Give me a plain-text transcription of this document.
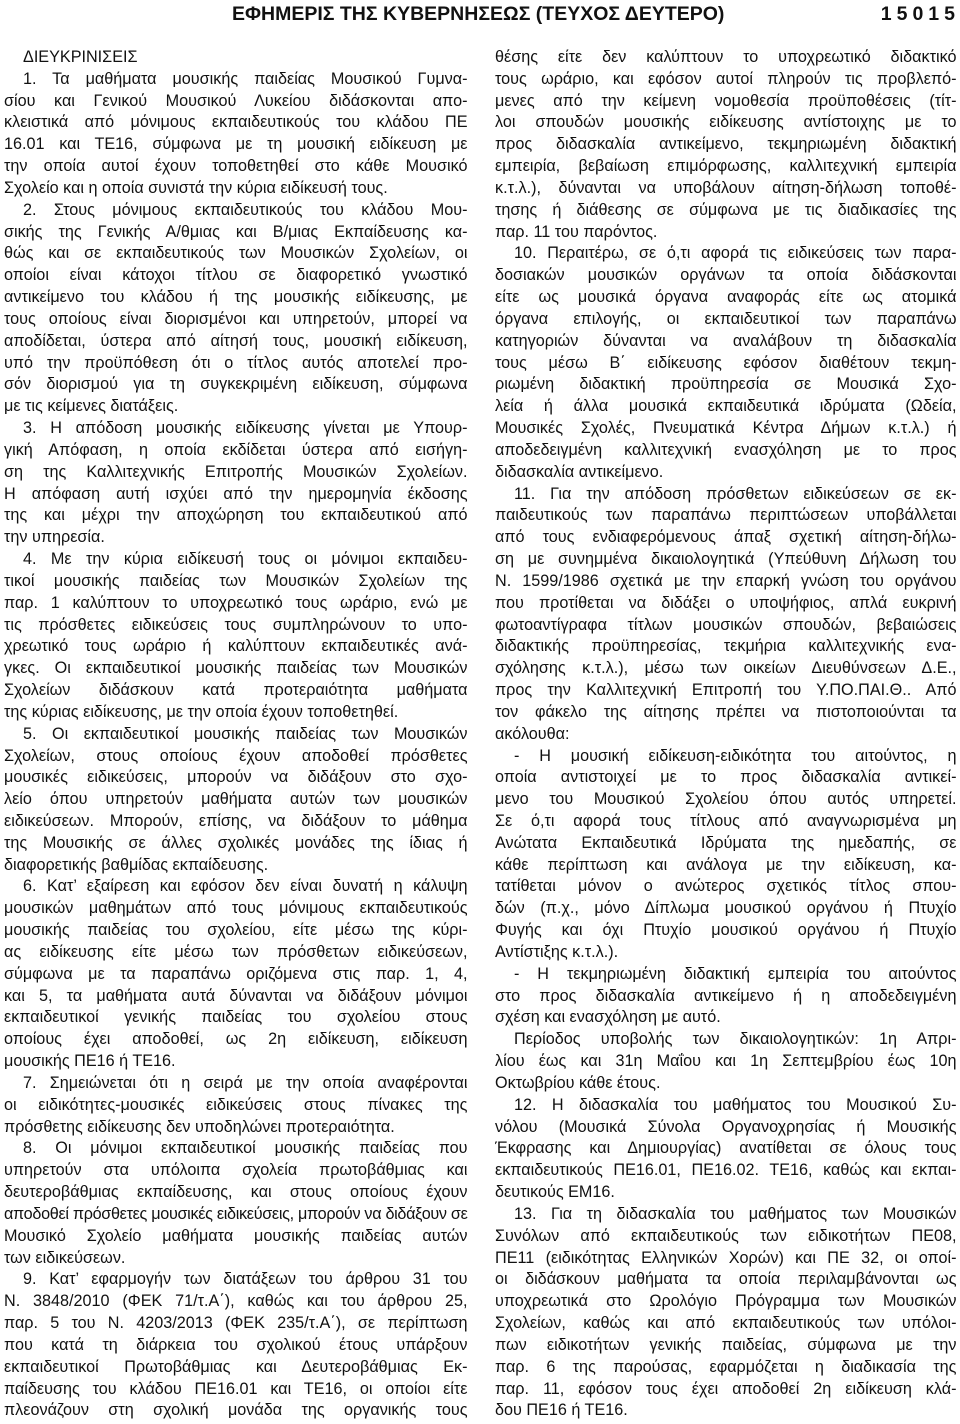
ΕΦΗΜΕΡΙΣ ΤΗΣ ΚΥΒΕΡΝΗΣΕΩΣ (ΤΕΥΧΟΣ ΔΕΥΤΕΡΟ)	15015
ΔΙΕΥΚΡΙΝΙΣΕΙΣ
1. Τα μαθήματα μουσικής παιδείας Μουσικού Γυμνα-
σίου και Γενικού Μουσικού Λυκείου διδάσκονται απο-
κλειστικά από μόνιμους εκπαιδευτικούς του κλάδου ΠΕ
16.01 και ΤΕ16, σύμφωνα με τη μουσική ειδίκευση με
την οποία αυτοί έχουν τοποθετηθεί στο κάθε Μουσικό
Σχολείο και η οποία συνιστά την κύρια ειδίκευσή τους.
2. Στους μόνιμους εκπαιδευτικούς του κλάδου Μου-
σικής της Γενικής Α/θμιας και Β/μιας Εκπαίδευσης κα-
θώς και σε εκπαιδευτικούς των Μουσικών Σχολείων, οι
οποίοι είναι κάτοχοι τίτλου σε διαφορετικό γνωστικό
αντικείμενο του κλάδου ή της μουσικής ειδίκευσης, με
τους οποίους είναι διορισμένοι και υπηρετούν, μπορεί να
αποδίδεται, ύστερα από αίτησή τους, μουσική ειδίκευση,
υπό την προϋπόθεση ότι ο τίτλος αυτός αποτελεί προ-
σόν διορισμού για τη συγκεκριμένη ειδίκευση, σύμφωνα
με τις κείμενες διατάξεις.
3. Η απόδοση μουσικής ειδίκευσης γίνεται με Υπουρ-
γική Απόφαση, η οποία εκδίδεται ύστερα από εισήγη-
ση της Καλλιτεχνικής Επιτροπής Μουσικών Σχολείων.
Η απόφαση αυτή ισχύει από την ημερομηνία έκδοσης
της και μέχρι την αποχώρηση του εκπαιδευτικού από
την υπηρεσία.
4. Με την κύρια ειδίκευσή τους οι μόνιμοι εκπαιδευ-
τικοί μουσικής παιδείας των Μουσικών Σχολείων της
παρ. 1 καλύπτουν το υποχρεωτικό τους ωράριο, ενώ με
τις πρόσθετες ειδικεύσεις τους συμπληρώνουν το υπο-
χρεωτικό τους ωράριο ή καλύπτουν εκπαιδευτικές ανά-
γκες. Οι εκπαιδευτικοί μουσικής παιδείας των Μουσικών
Σχολείων διδάσκουν κατά προτεραιότητα μαθήματα
της κύριας ειδίκευσης, με την οποία έχουν τοποθετηθεί.
5. Οι εκπαιδευτικοί μουσικής παιδείας των Μουσικών
Σχολείων, στους οποίους έχουν αποδοθεί πρόσθετες
μουσικές ειδικεύσεις, μπορούν να διδάξουν στο σχο-
λείο όπου υπηρετούν μαθήματα αυτών των μουσικών
ειδικεύσεων. Μπορούν, επίσης, να διδάξουν το μάθημα
της Μουσικής σε άλλες σχολικές μονάδες της ίδιας ή
διαφορετικής βαθμίδας εκπαίδευσης.
6. Κατ’ εξαίρεση και εφόσον δεν είναι δυνατή η κάλυψη
μουσικών μαθημάτων από τους μόνιμους εκπαιδευτικούς
μουσικής παιδείας του σχολείου, είτε μέσω της κύρι-
ας ειδίκευσης είτε μέσω των πρόσθετων ειδικεύσεων,
σύμφωνα με τα παραπάνω οριζόμενα στις παρ. 1, 4,
και 5, τα μαθήματα αυτά δύνανται να διδάξουν μόνιμοι
εκπαιδευτικοί γενικής παιδείας του σχολείου στους
οποίους έχει αποδοθεί, ως 2η ειδίκευση, ειδίκευση
μουσικής ΠΕ16 ή ΤΕ16.
7. Σημειώνεται ότι η σειρά με την οποία αναφέρονται
οι ειδικότητες-μουσικές ειδικεύσεις στους πίνακες της
πρόσθετης ειδίκευσης δεν υποδηλώνει προτεραιότητα.
8. Οι μόνιμοι εκπαιδευτικοί μουσικής παιδείας που
υπηρετούν στα υπόλοιπα σχολεία πρωτοβάθμιας και
δευτεροβάθμιας εκπαίδευσης, και στους οποίους έχουν
αποδοθεί πρόσθετες μουσικές ειδικεύσεις, μπορούν να διδάξουν σε
Μουσικό Σχολείο μαθήματα μουσικής παιδείας αυτών
των ειδικεύσεων.
9. Κατ’ εφαρμογήν των διατάξεων του άρθρου 31 του
Ν. 3848/2010 (ΦΕΚ 71/τ.Α΄), καθώς και του άρθρου 25,
παρ. 5 του Ν. 4203/2013 (ΦΕΚ 235/τ.Α΄), σε περίπτωση
που κατά τη διάρκεια του σχολικού έτους υπάρξουν
εκπαιδευτικοί Πρωτοβάθμιας και Δευτεροβάθμιας Εκ-
παίδευσης του κλάδου ΠΕ16.01 και ΤΕ16, οι οποίοι είτε
πλεονάζουν στη σχολική μονάδα της οργανικής τους
θέσης είτε δεν καλύπτουν το υποχρεωτικό διδακτικό
τους ωράριο, και εφόσον αυτοί πληρούν τις προβλεπό-
μενες από την κείμενη νομοθεσία προϋποθέσεις (τίτ-
λοι σπουδών μουσικής ειδίκευσης αντίστοιχης με το
προς διδασκαλία αντικείμενο, τεκμηριωμένη διδακτική
εμπειρία, βεβαίωση επιμόρφωσης, καλλιτεχνική εμπειρία
κ.τ.λ.), δύνανται να υποβάλουν αίτηση-δήλωση τοποθέ-
τησης ή διάθεσης σε σύμφωνα με τις διαδικασίες της
παρ. 11 του παρόντος.
10. Περαιτέρω, σε ό,τι αφορά τις ειδικεύσεις των παρα-
δοσιακών μουσικών οργάνων τα οποία διδάσκονται
είτε ως μουσικά όργανα αναφοράς είτε ως ατομικά
όργανα επιλογής, οι εκπαιδευτικοί των παραπάνω
κατηγοριών δύνανται να αναλάβουν τη διδασκαλία
τους μέσω Β΄ ειδίκευσης εφόσον διαθέτουν τεκμη-
ριωμένη διδακτική προϋπηρεσία σε Μουσικά Σχο-
λεία ή άλλα μουσικά εκπαιδευτικά ιδρύματα (Ωδεία,
Μουσικές Σχολές, Πνευματικά Κέντρα Δήμων κ.τ.λ.) ή
αποδεδειγμένη καλλιτεχνική ενασχόληση με το προς
διδασκαλία αντικείμενο.
11. Για την απόδοση πρόσθετων ειδικεύσεων σε εκ-
παιδευτικούς των παραπάνω περιπτώσεων υποβάλλεται
από τους ενδιαφερόμενους άπαξ σχετική αίτηση-δήλω-
ση με συνημμένα δικαιολογητικά (Υπεύθυνη Δήλωση του
Ν. 1599/1986 σχετικά με την επαρκή γνώση του οργάνου
που προτίθεται να διδάξει ο υποψήφιος, απλά ευκρινή
φωτοαντίγραφα τίτλων μουσικών σπουδών, βεβαιώσεις
διδακτικής προϋπηρεσίας, τεκμήρια καλλιτεχνικής ενα-
σχόλησης κ.τ.λ.), μέσω των οικείων Διευθύνσεων Δ.Ε.,
προς την Καλλιτεχνική Επιτροπή του Υ.ΠΟ.ΠΑΙ.Θ.. Από
τον φάκελο της αίτησης πρέπει να πιστοποιούνται τα
ακόλουθα:
- Η μουσική ειδίκευση-ειδικότητα του αιτούντος, η
οποία αντιστοιχεί με το προς διδασκαλία αντικεί-
μενο του Μουσικού Σχολείου όπου αυτός υπηρετεί.
Σε ό,τι αφορά τους τίτλους από αναγνωρισμένα μη
Ανώτατα Εκπαιδευτικά Ιδρύματα της ημεδαπής, σε
κάθε περίπτωση και ανάλογα με την ειδίκευση, κα-
τατίθεται μόνον ο ανώτερος σχετικός τίτλος σπου-
δών (π.χ., μόνο Δίπλωμα μουσικού οργάνου ή Πτυχίο
Φυγής και όχι Πτυχίο μουσικού οργάνου ή Πτυχίο
Αντίστιξης κ.τ.λ.).
- Η τεκμηριωμένη διδακτική εμπειρία του αιτούντος
στο προς διδασκαλία αντικείμενο ή η αποδεδειγμένη
σχέση και ενασχόληση με αυτό.
Περίοδος υποβολής των δικαιολογητικών: 1η Απρι-
λίου έως και 31η Μαΐου και 1η Σεπτεμβρίου έως 10η
Οκτωβρίου κάθε έτους.
12. Η διδασκαλία του μαθήματος του Μουσικού Συ-
νόλου (Μουσικά Σύνολα Οργανοχρησίας ή Μουσικής
Έκφρασης και Δημιουργίας) ανατίθεται σε όλους τους
εκπαιδευτικούς ΠΕ16.01, ΠΕ16.02. ΤΕ16, καθώς και εκπαι-
δευτικούς ΕΜ16.
13. Για τη διδασκαλία του μαθήματος των Μουσικών
Συνόλων από εκπαιδευτικούς των ειδικοτήτων ΠΕ08,
ΠΕ11 (ειδικότητας Ελληνικών Χορών) και ΠΕ 32, οι οποί-
οι διδάσκουν μαθήματα τα οποία περιλαμβάνονται ως
υποχρεωτικά στο Ωρολόγιο Πρόγραμμα των Μουσικών
Σχολείων, καθώς και από εκπαιδευτικούς των υπόλοι-
πων ειδικοτήτων γενικής παιδείας, σύμφωνα με την
παρ. 6 της παρούσας, εφαρμόζεται η διαδικασία της
παρ. 11, εφόσον τους έχει αποδοθεί 2η ειδίκευση κλά-
δου ΠΕ16 ή ΤΕ16.
